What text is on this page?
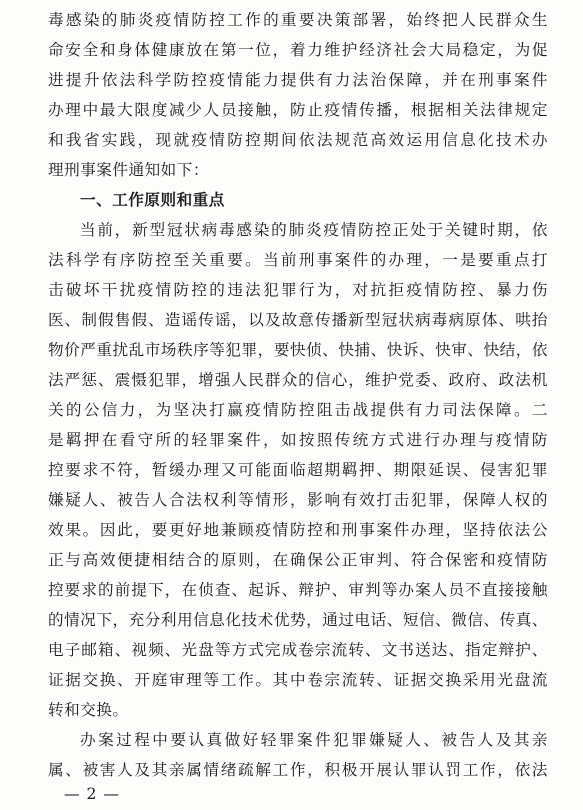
毒感染的肺炎疫情防控工作的重要决策部署，始终把人民群众生
命安全和身体健康放在第一位，着力维护经济社会大局稳定，为促
进提升依法科学防控疫情能力提供有力法治保障，并在刑事案件
办理中最大限度减少人员接触，防止疫情传播，根据相关法律规定
和我省实践，现就疫情防控期间依法规范高效运用信息化技术办
理刑事案件通知如下：
一、工作原则和重点
当前，新型冠状病毒感染的肺炎疫情防控正处于关键时期，依
法科学有序防控至关重要。当前刑事案件的办理，一是要重点打
击破坏干扰疫情防控的违法犯罪行为，对抗拒疫情防控、暴力伤
医、制假售假、造谣传谣，以及故意传播新型冠状病毒病原体、哄抬
物价严重扰乱市场秩序等犯罪，要快侦、快捕、快诉、快审、快结，依
法严惩、震慑犯罪，增强人民群众的信心，维护党委、政府、政法机
关的公信力，为坚决打赢疫情防控阻击战提供有力司法保障。二
是羁押在看守所的轻罪案件，如按照传统方式进行办理与疫情防
控要求不符，暂缓办理又可能面临超期羁押、期限延误、侵害犯罪
嫌疑人、被告人合法权利等情形，影响有效打击犯罪，保障人权的
效果。因此，要更好地兼顾疫情防控和刑事案件办理，坚持依法公
正与高效便捷相结合的原则，在确保公正审判、符合保密和疫情防
控要求的前提下，在侦查、起诉、辩护、审判等办案人员不直接接触
的情况下，充分利用信息化技术优势，通过电话、短信、微信、传真、
电子邮箱、视频、光盘等方式完成卷宗流转、文书送达、指定辩护、
证据交换、开庭审理等工作。其中卷宗流转、证据交换采用光盘流
转和交换。
办案过程中要认真做好轻罪案件犯罪嫌疑人、被告人及其亲
属、被害人及其亲属情绪疏解工作，积极开展认罪认罚工作，依法
— 2 —
